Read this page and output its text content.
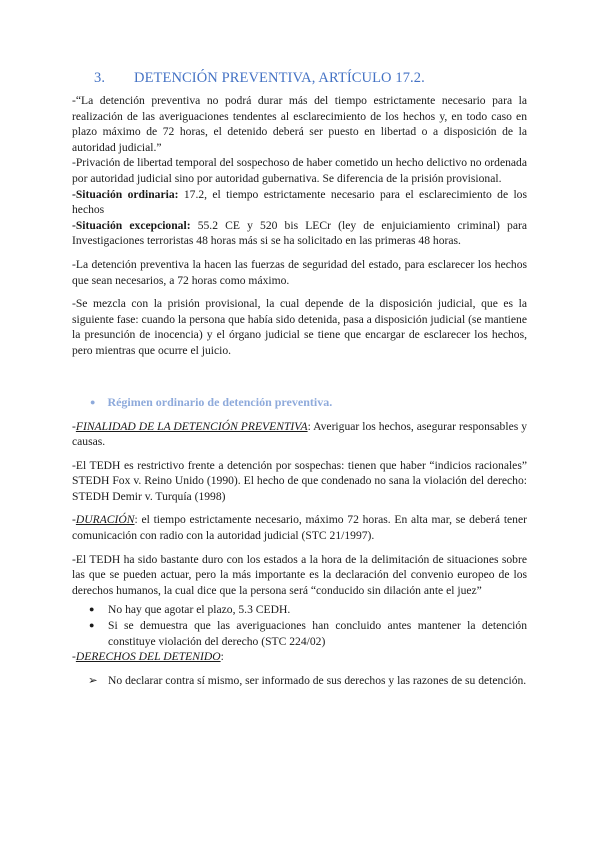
3. DETENCIÓN PREVENTIVA, ARTÍCULO 17.2.

-“La detención preventiva no podrá durar más del tiempo estrictamente necesario para la realización de las averiguaciones tendentes al esclarecimiento de los hechos y, en todo caso en plazo máximo de 72 horas, el detenido deberá ser puesto en libertad o a disposición de la autoridad judicial.”

-Privación de libertad temporal del sospechoso de haber cometido un hecho delictivo no ordenada por autoridad judicial sino por autoridad gubernativa. Se diferencia de la prisión provisional.

-Situación ordinaria: 17.2, el tiempo estrictamente necesario para el esclarecimiento de los hechos

-Situación excepcional: 55.2 CE y 520 bis LECr (ley de enjuiciamiento criminal) para Investigaciones terroristas 48 horas más si se ha solicitado en las primeras 48 horas.

-La detención preventiva la hacen las fuerzas de seguridad del estado, para esclarecer los hechos que sean necesarios, a 72 horas como máximo.

-Se mezcla con la prisión provisional, la cual depende de la disposición judicial, que es la siguiente fase: cuando la persona que había sido detenida, pasa a disposición judicial (se mantiene la presunción de inocencia) y el órgano judicial se tiene que encargar de esclarecer los hechos, pero mientras que ocurre el juicio.

● Régimen ordinario de detención preventiva.

-FINALIDAD DE LA DETENCIÓN PREVENTIVA: Averiguar los hechos, asegurar responsables y causas.

-El TEDH es restrictivo frente a detención por sospechas: tienen que haber “indicios racionales” STEDH Fox v. Reino Unido (1990). El hecho de que condenado no sana la violación del derecho: STEDH Demir v. Turquía (1998)

-DURACIÓN: el tiempo estrictamente necesario, máximo 72 horas. En alta mar, se deberá tener comunicación con radio con la autoridad judicial (STC 21/1997).

-El TEDH ha sido bastante duro con los estados a la hora de la delimitación de situaciones sobre las que se pueden actuar, pero la más importante es la declaración del convenio europeo de los derechos humanos, la cual dice que la persona será “conducido sin dilación ante el juez”

● No hay que agotar el plazo, 5.3 CEDH.
● Si se demuestra que las averiguaciones han concluido antes mantener la detención constituye violación del derecho (STC 224/02)

-DERECHOS DEL DETENIDO:

➢ No declarar contra sí mismo, ser informado de sus derechos y las razones de su detención.
